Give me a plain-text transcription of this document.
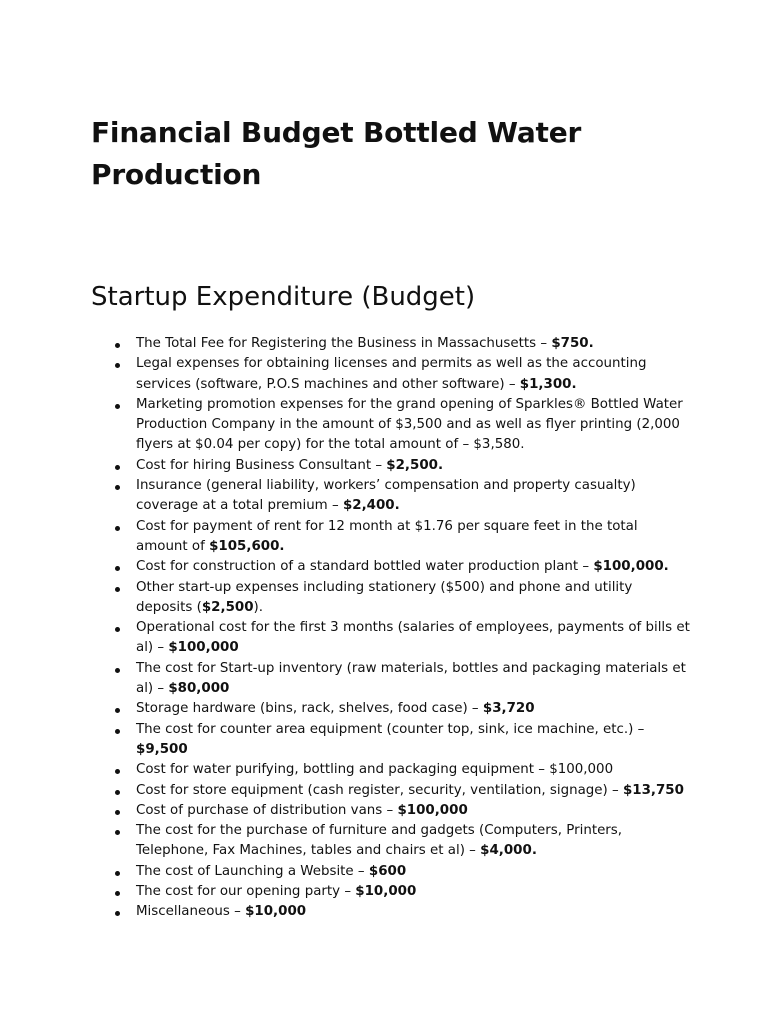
Financial Budget Bottled Water Production
Startup Expenditure (Budget)
The Total Fee for Registering the Business in Massachusetts – $750.
Legal expenses for obtaining licenses and permits as well as the accounting services (software, P.O.S machines and other software) – $1,300.
Marketing promotion expenses for the grand opening of Sparkles® Bottled Water Production Company in the amount of $3,500 and as well as flyer printing (2,000 flyers at $0.04 per copy) for the total amount of – $3,580.
Cost for hiring Business Consultant – $2,500.
Insurance (general liability, workers’ compensation and property casualty) coverage at a total premium – $2,400.
Cost for payment of rent for 12 month at $1.76 per square feet in the total amount of $105,600.
Cost for construction of a standard bottled water production plant – $100,000.
Other start-up expenses including stationery ($500) and phone and utility deposits ($2,500).
Operational cost for the first 3 months (salaries of employees, payments of bills et al) – $100,000
The cost for Start-up inventory (raw materials, bottles and packaging materials et al) – $80,000
Storage hardware (bins, rack, shelves, food case) – $3,720
The cost for counter area equipment (counter top, sink, ice machine, etc.) – $9,500
Cost for water purifying, bottling and packaging equipment – $100,000
Cost for store equipment (cash register, security, ventilation, signage) – $13,750
Cost of purchase of distribution vans – $100,000
The cost for the purchase of furniture and gadgets (Computers, Printers, Telephone, Fax Machines, tables and chairs et al) – $4,000.
The cost of Launching a Website – $600
The cost for our opening party – $10,000
Miscellaneous – $10,000
